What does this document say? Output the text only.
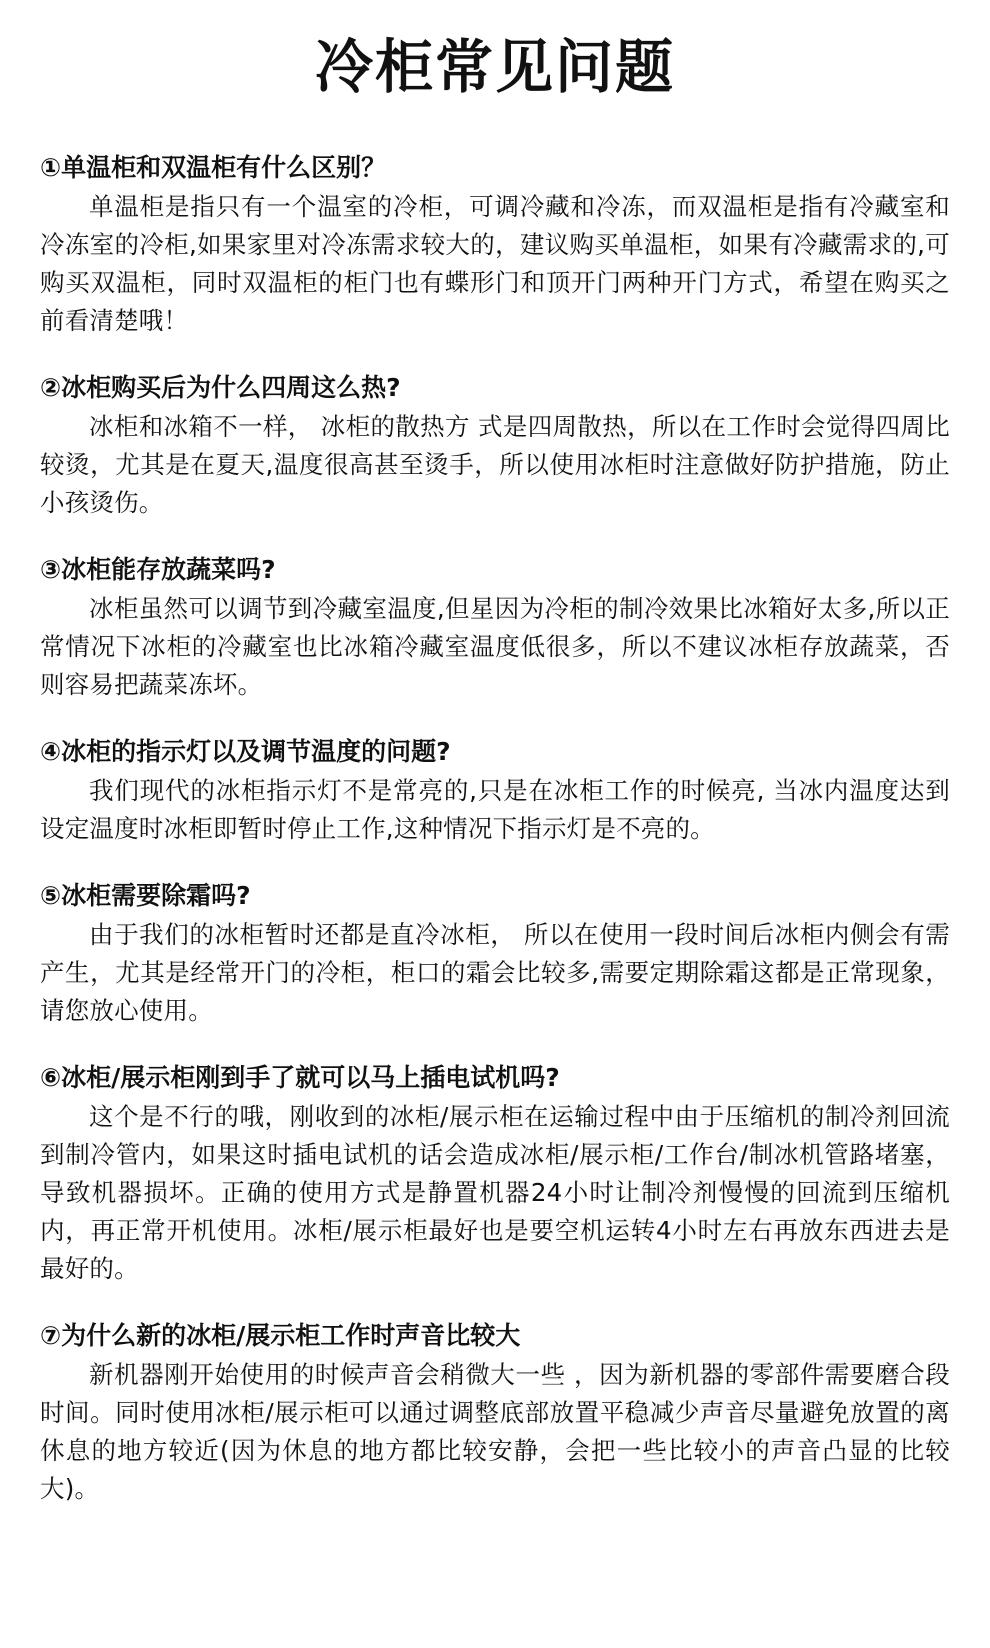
冷柜常见问题

①单温柜和双温柜有什么区别？

单温柜是指只有一个温室的冷柜，可调冷藏和冷冻，而双温柜是指有冷藏室和冷冻室的冷柜,如果家里对冷冻需求较大的，建议购买单温柜，如果有冷藏需求的,可购买双温柜，同时双温柜的柜门也有蝶形门和顶开门两种开门方式，希望在购买之前看清楚哦！

②冰柜购买后为什么四周这么热?

冰柜和冰箱不一样， 冰柜的散热方 式是四周散热，所以在工作时会觉得四周比较烫，尤其是在夏天,温度很高甚至烫手，所以使用冰柜时注意做好防护措施，防止小孩烫伤。

③冰柜能存放蔬菜吗?

冰柜虽然可以调节到冷藏室温度,但星因为冷柜的制冷效果比冰箱好太多,所以正常情况下冰柜的冷藏室也比冰箱冷藏室温度低很多，所以不建议冰柜存放蔬菜，否则容易把蔬菜冻坏。

④冰柜的指示灯以及调节温度的问题?

我们现代的冰柜指示灯不是常亮的,只是在冰柜工作的时候亮, 当冰内温度达到设定温度时冰柜即暂时停止工作,这种情况下指示灯是不亮的。

⑤冰柜需要除霜吗?

由于我们的冰柜暂时还都是直冷冰柜， 所以在使用一段时间后冰柜内侧会有需产生，尤其是经常开门的冷柜，柜口的霜会比较多,需要定期除霜这都是正常现象，请您放心使用。

⑥冰柜/展示柜刚到手了就可以马上插电试机吗?

这个是不行的哦，刚收到的冰柜/展示柜在运输过程中由于压缩机的制冷剂回流到制冷管内，如果这时插电试机的话会造成冰柜/展示柜/工作台/制冰机管路堵塞，导致机器损坏。正确的使用方式是静置机器24小时让制冷剂慢慢的回流到压缩机内，再正常开机使用。冰柜/展示柜最好也是要空机运转4小时左右再放东西进去是最好的。

⑦为什么新的冰柜/展示柜工作时声音比较大

新机器刚开始使用的时候声音会稍微大一些 ，因为新机器的零部件需要磨合段时间。同时使用冰柜/展示柜可以通过调整底部放置平稳减少声音尽量避免放置的离休息的地方较近(因为休息的地方都比较安静，会把一些比较小的声音凸显的比较大)。
